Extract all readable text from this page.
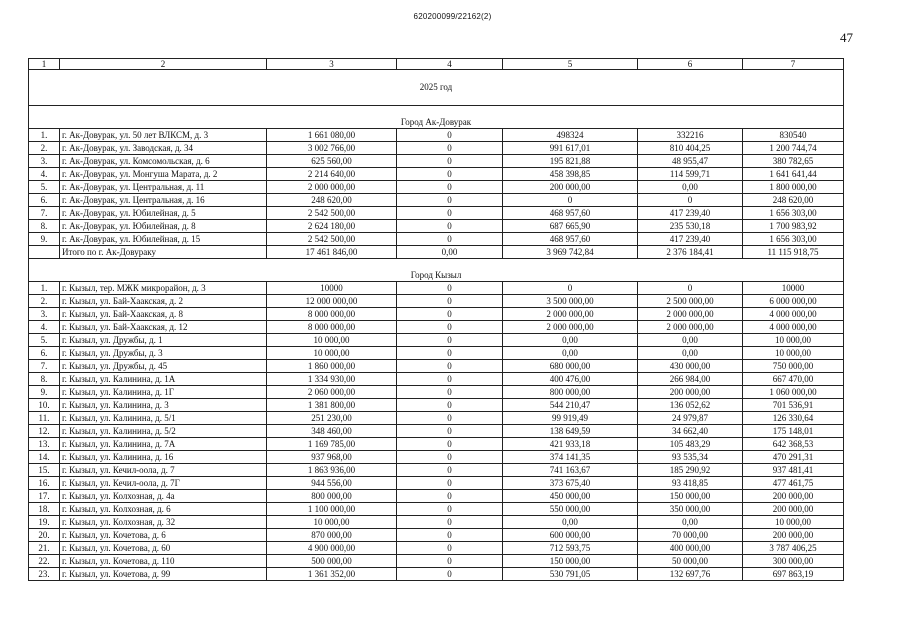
620200099/22162(2)
47
1	2	3	4	5	6	7
2025 год						
Город Ак-Довурак						
1.	г. Ак-Довурак, ул. 50 лет ВЛКСМ, д. 3	1 661 080,00	0	498324	332216	830540
2.	г. Ак-Довурак, ул. Заводская, д. 34	3 002 766,00	0	991 617,01	810 404,25	1 200 744,74
3.	г. Ак-Довурак, ул. Комсомольская, д. 6	625 560,00	0	195 821,88	48 955,47	380 782,65
4.	г. Ак-Довурак, ул. Монгуша Марата, д. 2	2 214 640,00	0	458 398,85	114 599,71	1 641 641,44
5.	г. Ак-Довурак, ул. Центральная, д. 11	2 000 000,00	0	200 000,00	0,00	1 800 000,00
6.	г. Ак-Довурак, ул. Центральная, д. 16	248 620,00	0	0	0	248 620,00
7.	г. Ак-Довурак, ул. Юбилейная, д. 5	2 542 500,00	0	468 957,60	417 239,40	1 656 303,00
8.	г. Ак-Довурак, ул. Юбилейная, д. 8	2 624 180,00	0	687 665,90	235 530,18	1 700 983,92
9.	г. Ак-Довурак, ул. Юбилейная, д. 15	2 542 500,00	0	468 957,60	417 239,40	1 656 303,00
	Итого по г. Ак-Довураку	17 461 846,00	0,00	3 969 742,84	2 376 184,41	11 115 918,75
Город Кызыл						
1.	г. Кызыл, тер. МЖК микрорайон, д. 3	10000	0	0	0	10000
2.	г. Кызыл, ул. Бай-Хаакская, д. 2	12 000 000,00	0	3 500 000,00	2 500 000,00	6 000 000,00
3.	г. Кызыл, ул. Бай-Хаакская, д. 8	8 000 000,00	0	2 000 000,00	2 000 000,00	4 000 000,00
4.	г. Кызыл, ул. Бай-Хаакская, д. 12	8 000 000,00	0	2 000 000,00	2 000 000,00	4 000 000,00
5.	г. Кызыл, ул. Дружбы, д. 1	10 000,00	0	0,00	0,00	10 000,00
6.	г. Кызыл, ул. Дружбы, д. 3	10 000,00	0	0,00	0,00	10 000,00
7.	г. Кызыл, ул. Дружбы, д. 45	1 860 000,00	0	680 000,00	430 000,00	750 000,00
8.	г. Кызыл, ул. Калинина, д. 1А	1 334 930,00	0	400 476,00	266 984,00	667 470,00
9.	г. Кызыл, ул. Калинина, д. 1Г	2 060 000,00	0	800 000,00	200 000,00	1 060 000,00
10.	г. Кызыл, ул. Калинина, д. 3	1 381 800,00	0	544 210,47	136 052,62	701 536,91
11.	г. Кызыл, ул. Калинина, д. 5/1	251 230,00	0	99 919,49	24 979,87	126 330,64
12.	г. Кызыл, ул. Калинина, д. 5/2	348 460,00	0	138 649,59	34 662,40	175 148,01
13.	г. Кызыл, ул. Калинина, д. 7А	1 169 785,00	0	421 933,18	105 483,29	642 368,53
14.	г. Кызыл, ул. Калинина, д. 16	937 968,00	0	374 141,35	93 535,34	470 291,31
15.	г. Кызыл, ул. Кечил-оола, д. 7	1 863 936,00	0	741 163,67	185 290,92	937 481,41
16.	г. Кызыл, ул. Кечил-оола, д. 7Г	944 556,00	0	373 675,40	93 418,85	477 461,75
17.	г. Кызыл, ул. Колхозная, д. 4а	800 000,00	0	450 000,00	150 000,00	200 000,00
18.	г. Кызыл, ул. Колхозная, д. 6	1 100 000,00	0	550 000,00	350 000,00	200 000,00
19.	г. Кызыл, ул. Колхозная, д. 32	10 000,00	0	0,00	0,00	10 000,00
20.	г. Кызыл, ул. Кочетова, д. 6	870 000,00	0	600 000,00	70 000,00	200 000,00
21.	г. Кызыл, ул. Кочетова, д. 60	4 900 000,00	0	712 593,75	400 000,00	3 787 406,25
22.	г. Кызыл, ул. Кочетова, д. 110	500 000,00	0	150 000,00	50 000,00	300 000,00
23.	г. Кызыл, ул. Кочетова, д. 99	1 361 352,00	0	530 791,05	132 697,76	697 863,19
